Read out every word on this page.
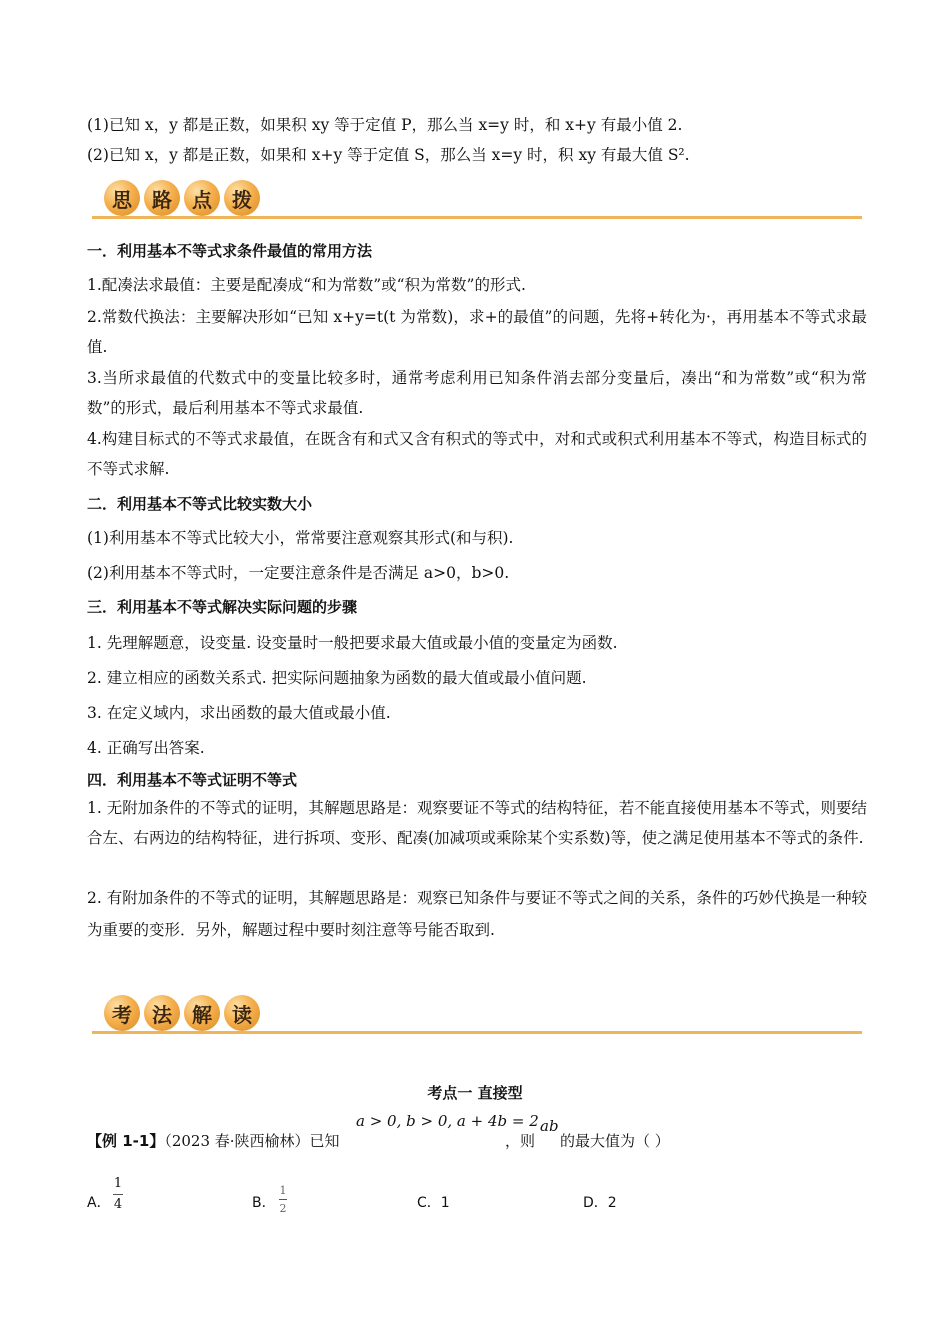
(1)已知 x，y 都是正数，如果积 xy 等于定值 P，那么当 x=y 时，和 x+y 有最小值 2.
(2)已知 x，y 都是正数，如果和 x+y 等于定值 S，那么当 x=y 时，积 xy 有最大值 S².
思	路	点	拨
一．利用基本不等式求条件最值的常用方法
1.配凑法求最值：主要是配凑成“和为常数”或“积为常数”的形式.
2.常数代换法：主要解决形如“已知 x+y=t(t 为常数)，求+的最值”的问题，先将+转化为·，再用基本不等式求最值.
3.当所求最值的代数式中的变量比较多时，通常考虑利用已知条件消去部分变量后，凑出“和为常数”或“积为常数”的形式，最后利用基本不等式求最值.
4.构建目标式的不等式求最值，在既含有和式又含有积式的等式中，对和式或积式利用基本不等式，构造目标式的不等式求解.
二．利用基本不等式比较实数大小
(1)利用基本不等式比较大小，常常要注意观察其形式(和与积).
(2)利用基本不等式时，一定要注意条件是否满足 a>0，b>0.
三．利用基本不等式解决实际问题的步骤
1. 先理解题意，设变量. 设变量时一般把要求最大值或最小值的变量定为函数.
2. 建立相应的函数关系式. 把实际问题抽象为函数的最大值或最小值问题.
3. 在定义域内，求出函数的最大值或最小值.
4. 正确写出答案.
四．利用基本不等式证明不等式
1. 无附加条件的不等式的证明，其解题思路是：观察要证不等式的结构特征，若不能直接使用基本不等式，则要结合左、右两边的结构特征，进行拆项、变形、配凑(加减项或乘除某个实系数)等，使之满足使用基本不等式的条件.
2. 有附加条件的不等式的证明，其解题思路是：观察已知条件与要证不等式之间的关系，条件的巧妙代换是一种较为重要的变形．另外，解题过程中要时刻注意等号能否取到.
考	法	解	读
考点一 直接型
a > 0, b > 0, a + 4b = 2 ab
【例 1-1】（2023 春·陕西榆林）已知	，则 的最大值为（ ）
A．
1
4	B．
1
2	C．1	D．2
